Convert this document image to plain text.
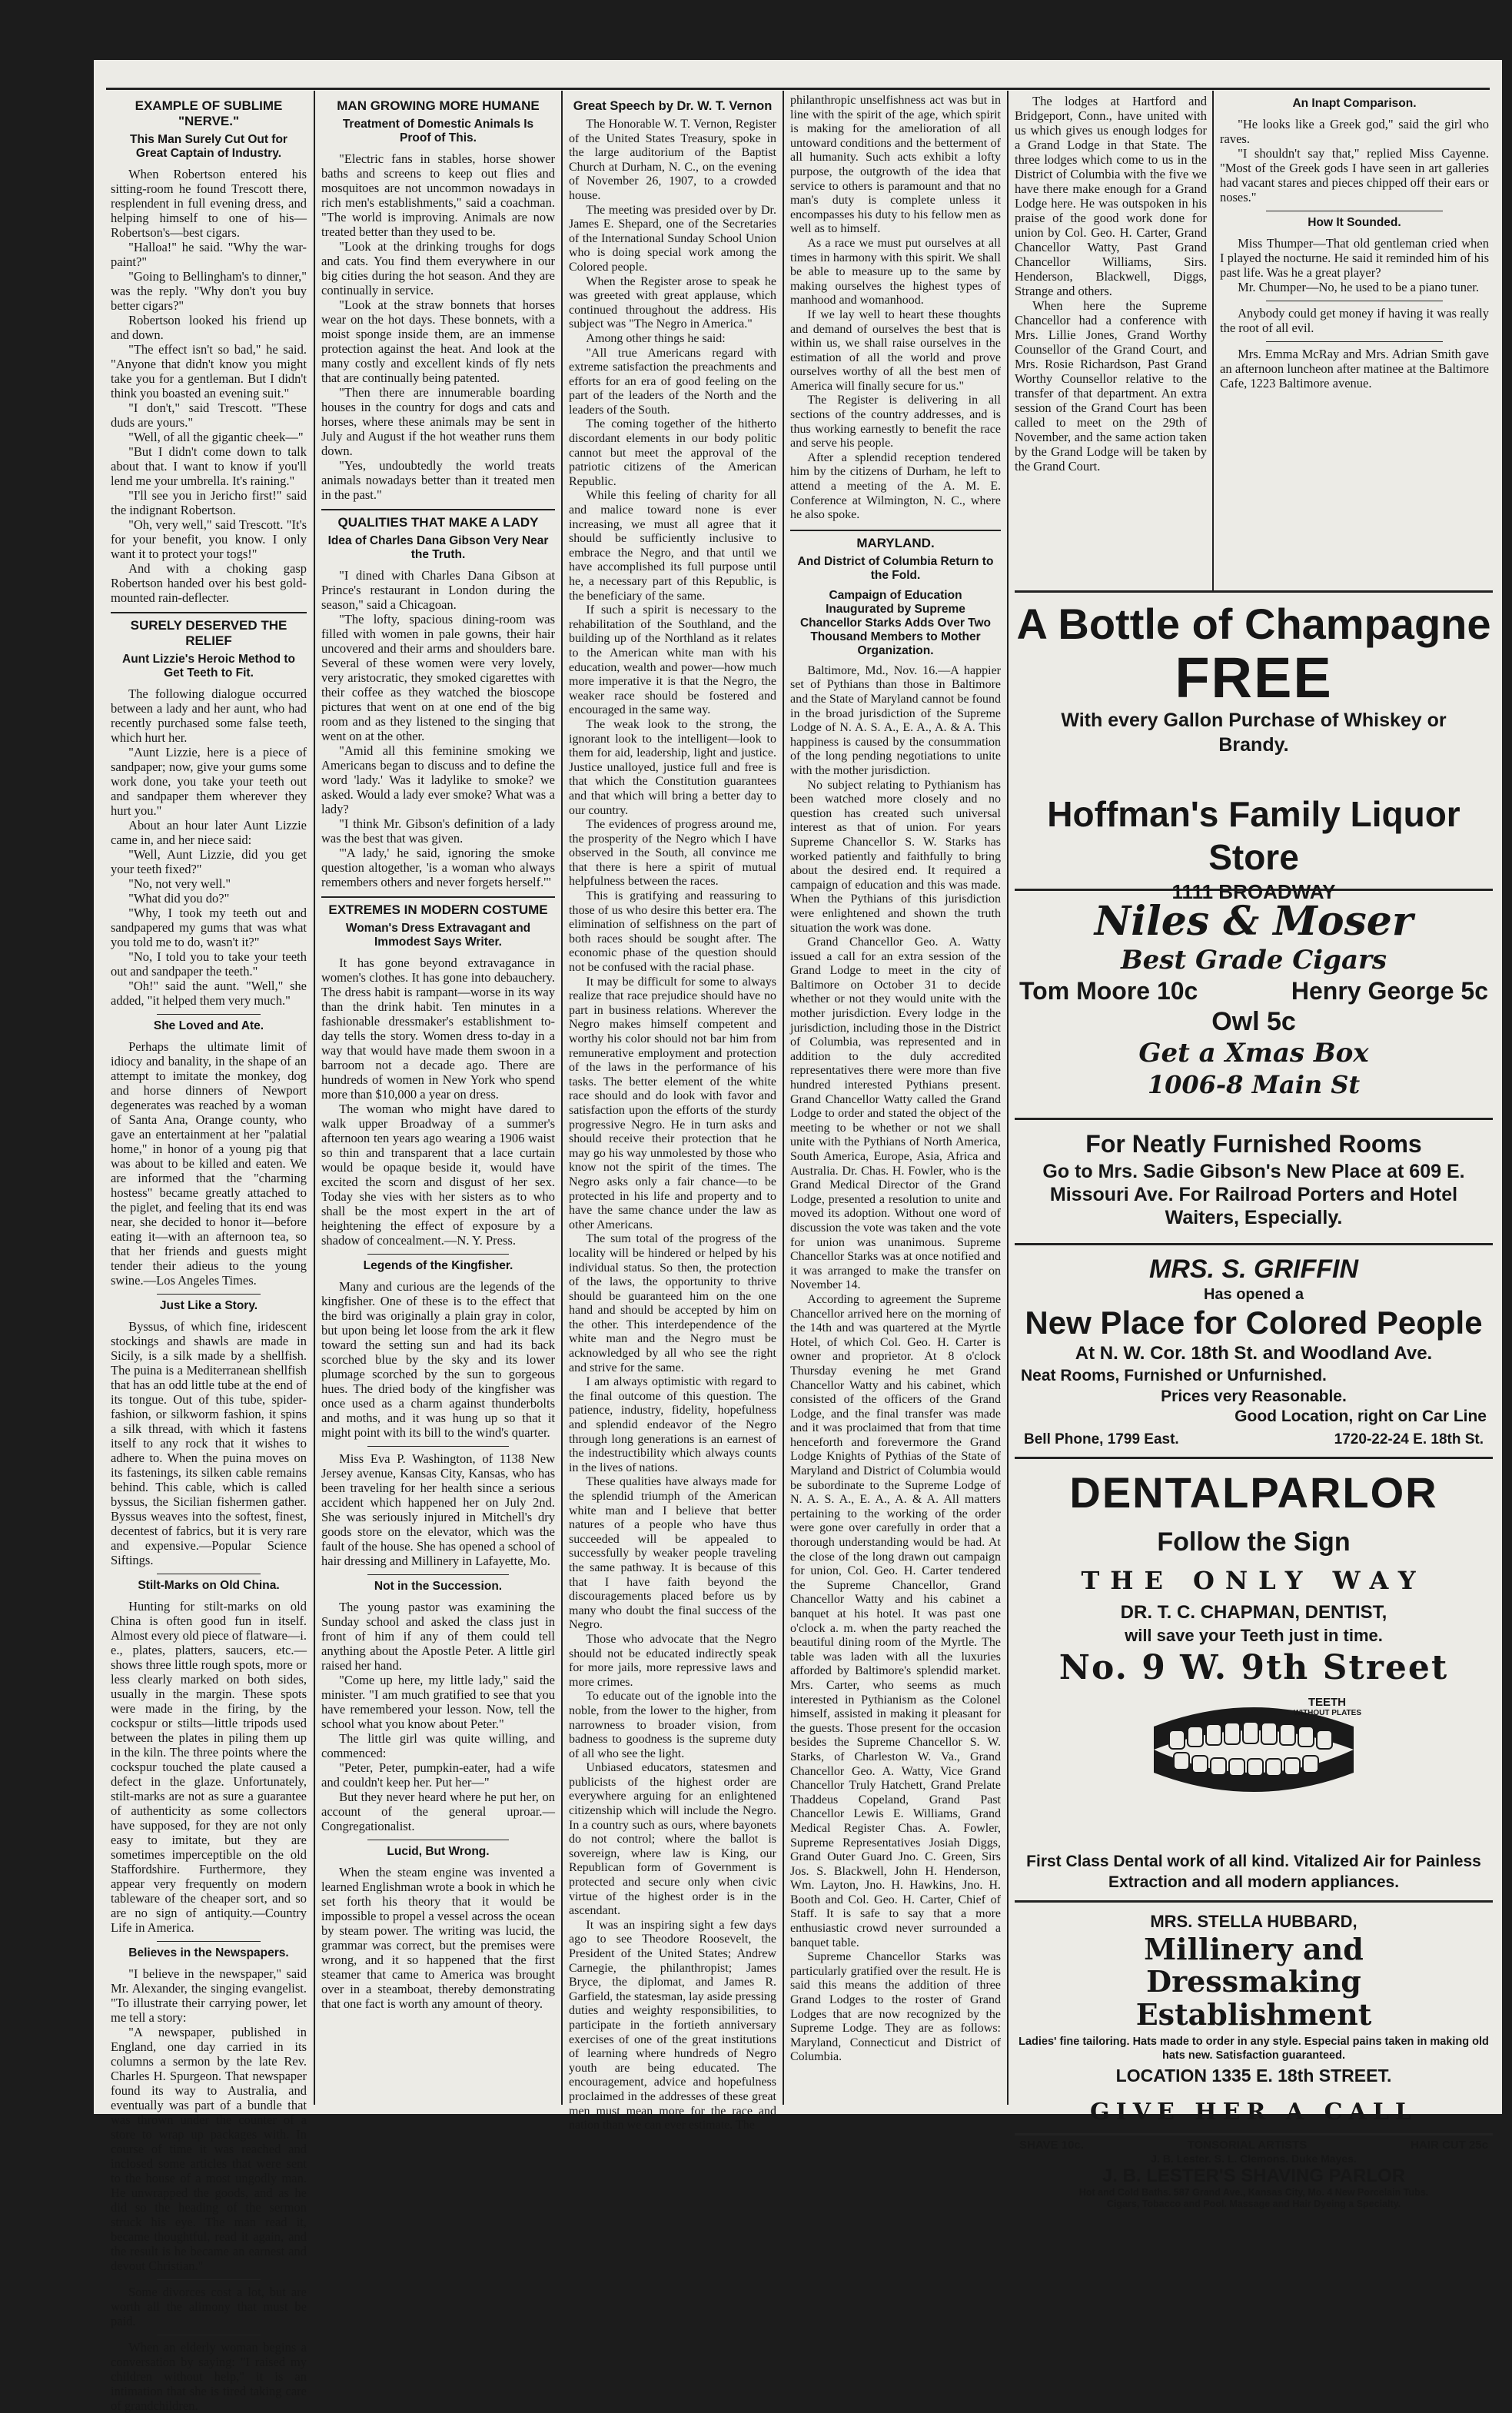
EXAMPLE OF SUBLIME "NERVE."
This Man Surely Cut Out for Great Captain of Industry.

When Robertson entered his sitting-room he found Trescott there, resplendent in full evening dress, and helping himself to one of his—Robertson's—best cigars.

"Halloa!" he said. "Why the war-paint?"

"Going to Bellingham's to dinner," was the reply. "Why don't you buy better cigars?"

Robertson looked his friend up and down.

"The effect isn't so bad," he said. "Anyone that didn't know you might take you for a gentleman. But I didn't think you boasted an evening suit."

"I don't," said Trescott. "These duds are yours."

"Well, of all the gigantic cheek—"

"But I didn't come down to talk about that. I want to know if you'll lend me your umbrella. It's raining."

"I'll see you in Jericho first!" said the indignant Robertson.

"Oh, very well," said Trescott. "It's for your benefit, you know. I only want it to protect your togs!"

And with a choking gasp Robertson handed over his best gold-mounted rain-deflecter.

SURELY DESERVED THE RELIEF
Aunt Lizzie's Heroic Method to Get Teeth to Fit.

The following dialogue occurred between a lady and her aunt, who had recently purchased some false teeth, which hurt her.

"Aunt Lizzie, here is a piece of sandpaper; now, give your gums some work done, you take your teeth out and sandpaper them wherever they hurt you."

About an hour later Aunt Lizzie came in, and her niece said:

"Well, Aunt Lizzie, did you get your teeth fixed?"

"No, not very well."

"What did you do?"

"Why, I took my teeth out and sandpapered my gums that was what you told me to do, wasn't it?"

"No, I told you to take your teeth out and sandpaper the teeth."

"Oh!" said the aunt. "Well," she added, "it helped them very much."

She Loved and Ate.

Perhaps the ultimate limit of idiocy and banality, in the shape of an attempt to imitate the monkey, dog and horse dinners of Newport degenerates was reached by a woman of Santa Ana, Orange county, who gave an entertainment at her "palatial home," in honor of a young pig that was about to be killed and eaten. We are informed that the "charming hostess" became greatly attached to the piglet, and feeling that its end was near, she decided to honor it—before eating it—with an afternoon tea, so that her friends and guests might tender their adieus to the young swine.—Los Angeles Times.

Just Like a Story.

Byssus, of which fine, iridescent stockings and shawls are made in Sicily, is a silk made by a shellfish. The puina is a Mediterranean shellfish that has an odd little tube at the end of its tongue. Out of this tube, spider-fashion, or silkworm fashion, it spins a silk thread, with which it fastens itself to any rock that it wishes to adhere to. When the puina moves on its fastenings, its silken cable remains behind. This cable, which is called byssus, the Sicilian fishermen gather. Byssus weaves into the softest, finest, decentest of fabrics, but it is very rare and expensive.—Popular Science Siftings.

Stilt-Marks on Old China.

Hunting for stilt-marks on old China is often good fun in itself. Almost every old piece of flatware—i. e., plates, platters, saucers, etc.—shows three little rough spots, more or less clearly marked on both sides, usually in the margin. These spots were made in the firing, by the cockspur or stilts—little tripods used between the plates in piling them up in the kiln. The three points where the cockspur touched the plate caused a defect in the glaze. Unfortunately, stilt-marks are not as sure a guarantee of authenticity as some collectors have supposed, for they are not only easy to imitate, but they are sometimes imperceptible on the old Staffordshire. Furthermore, they appear very frequently on modern tableware of the cheaper sort, and so are no sign of antiquity.—Country Life in America.

Believes in the Newspapers.

"I believe in the newspaper," said Mr. Alexander, the singing evangelist. "To illustrate their carrying power, let me tell a story:

"A newspaper, published in England, one day carried in its columns a sermon by the late Rev. Charles H. Spurgeon. That newspaper found its way to Australia, and eventually was part of a bundle that was thrown under the counter of a store to wrap up packages with. In course of time it was reached and inclosed some articles that were sent to the house of a most ungodly man. He unwrapped the goods, and as he did so the heading of the sermon struck his eye. The man read it, became thoughtful, read it again, and the result is he became an earnest and devout Christian."

Some divorces cost a lot, but are worth all the alimony that must be paid.

When an elderly woman begins a conversation by saying: "I raised my children without help," it is an intimation that she is tired taking care of grandchildren.

MAN GROWING MORE HUMANE
Treatment of Domestic Animals Is Proof of This.

"Electric fans in stables, horse shower baths and screens to keep out flies and mosquitoes are not uncommon nowadays in rich men's establishments," said a coachman. "The world is improving. Animals are now treated better than they used to be.

"Look at the drinking troughs for dogs and cats. You find them everywhere in our big cities during the hot season. And they are continually in service.

"Look at the straw bonnets that horses wear on the hot days. These bonnets, with a moist sponge inside them, are an immense protection against the heat. And look at the many costly and excellent kinds of fly nets that are continually being patented.

"Then there are innumerable boarding houses in the country for dogs and cats and horses, where these animals may be sent in July and August if the hot weather runs them down.

"Yes, undoubtedly the world treats animals nowadays better than it treated men in the past."

QUALITIES THAT MAKE A LADY
Idea of Charles Dana Gibson Very Near the Truth.

"I dined with Charles Dana Gibson at Prince's restaurant in London during the season," said a Chicagoan.

"The lofty, spacious dining-room was filled with women in pale gowns, their hair uncovered and their arms and shoulders bare. Several of these women were very lovely, very aristocratic, they smoked cigarettes with their coffee as they watched the bioscope pictures that went on at one end of the big room and as they listened to the singing that went on at the other.

"Amid all this feminine smoking we Americans began to discuss and to define the word 'lady.' Was it ladylike to smoke? we asked. Would a lady ever smoke? What was a lady?

"I think Mr. Gibson's definition of a lady was the best that was given.

"'A lady,' he said, ignoring the smoke question altogether, 'is a woman who always remembers others and never forgets herself.'"

EXTREMES IN MODERN COSTUME
Woman's Dress Extravagant and Immodest Says Writer.

It has gone beyond extravagance in women's clothes. It has gone into debauchery. The dress habit is rampant—worse in its way than the drink habit. Ten minutes in a fashionable dressmaker's establishment to-day tells the story. Women dress to-day in a way that would have made them swoon in a barroom not a decade ago. There are hundreds of women in New York who spend more than $10,000 a year on dress.

The woman who might have dared to walk upper Broadway of a summer's afternoon ten years ago wearing a 1906 waist so thin and transparent that a lace curtain would be opaque beside it, would have excited the scorn and disgust of her sex. Today she vies with her sisters as to who shall be the most expert in the art of heightening the effect of exposure by a shadow of concealment.—N. Y. Press.

Legends of the Kingfisher.

Many and curious are the legends of the kingfisher. One of these is to the effect that the bird was originally a plain gray in color, but upon being let loose from the ark it flew toward the setting sun and had its back scorched blue by the sky and its lower plumage scorched by the sun to gorgeous hues. The dried body of the kingfisher was once used as a charm against thunderbolts and moths, and it was hung up so that it might point with its bill to the wind's quarter.

Miss Eva P. Washington, of 1138 New Jersey avenue, Kansas City, Kansas, who has been traveling for her health since a serious accident which happened her on July 2nd. She was seriously injured in Mitchell's dry goods store on the elevator, which was the fault of the house. She has opened a school of hair dressing and Millinery in Lafayette, Mo.

Not in the Succession.

The young pastor was examining the Sunday school and asked the class just in front of him if any of them could tell anything about the Apostle Peter. A little girl raised her hand.

"Come up here, my little lady," said the minister. "I am much gratified to see that you have remembered your lesson. Now, tell the school what you know about Peter."

The little girl was quite willing, and commenced:

"Peter, Peter, pumpkin-eater, had a wife and couldn't keep her. Put her—"

But they never heard where he put her, on account of the general uproar.—Congregationalist.

Lucid, But Wrong.

When the steam engine was invented a learned Englishman wrote a book in which he set forth his theory that it would be impossible to propel a vessel across the ocean by steam power. The writing was lucid, the grammar was correct, but the premises were wrong, and it so happened that the first steamer that came to America was brought over in a steamboat, thereby demonstrating that one fact is worth any amount of theory.

Great Speech by Dr. W. T. Vernon

The Honorable W. T. Vernon, Register of the United States Treasury, spoke in the large auditorium of the Baptist Church at Durham, N. C., on the evening of November 26, 1907, to a crowded house.

The meeting was presided over by Dr. James E. Shepard, one of the Secretaries of the International Sunday School Union who is doing special work among the Colored people.

When the Register arose to speak he was greeted with great applause, which continued throughout the address. His subject was "The Negro in America."

Among other things he said:

"All true Americans regard with extreme satisfaction the preachments and efforts for an era of good feeling on the part of the leaders of the North and the leaders of the South.

The coming together of the hitherto discordant elements in our body politic cannot but meet the approval of the patriotic citizens of the American Republic.

While this feeling of charity for all and malice toward none is ever increasing, we must all agree that it should be sufficiently inclusive to embrace the Negro, and that until we have accomplished its full purpose until he, a necessary part of this Republic, is the beneficiary of the same.

If such a spirit is necessary to the rehabilitation of the Southland, and the building up of the Northland as it relates to the American white man with his education, wealth and power—how much more imperative it is that the Negro, the weaker race should be fostered and encouraged in the same way.

The weak look to the strong, the ignorant look to the intelligent—look to them for aid, leadership, light and justice. Justice unalloyed, justice full and free is that which the Constitution guarantees and that which will bring a better day to our country.

The evidences of progress around me, the prosperity of the Negro which I have observed in the South, all convince me that there is here a spirit of mutual helpfulness between the races.

This is gratifying and reassuring to those of us who desire this better era. The elimination of selfishness on the part of both races should be sought after. The economic phase of the question should not be confused with the racial phase.

It may be difficult for some to always realize that race prejudice should have no part in business relations. Wherever the Negro makes himself competent and worthy his color should not bar him from remunerative employment and protection of the laws in the performance of his tasks. The better element of the white race should and do look with favor and satisfaction upon the efforts of the sturdy progressive Negro. He in turn asks and should receive their protection that he may go his way unmolested by those who know not the spirit of the times. The Negro asks only a fair chance—to be protected in his life and property and to have the same chance under the law as other Americans.

The sum total of the progress of the locality will be hindered or helped by his individual status. So then, the protection of the laws, the opportunity to thrive should be guaranteed him on the one hand and should be accepted by him on the other. This interdependence of the white man and the Negro must be acknowledged by all who see the right and strive for the same.

I am always optimistic with regard to the final outcome of this question. The patience, industry, fidelity, hopefulness and splendid endeavor of the Negro through long generations is an earnest of the indestructibility which always counts in the lives of nations.

These qualities have always made for the splendid triumph of the American white man and I believe that better natures of a people who have thus succeeded will be appealed to successfully by weaker people traveling the same pathway. It is because of this that I have faith beyond the discouragements placed before us by many who doubt the final success of the Negro.

Those who advocate that the Negro should not be educated indirectly speak for more jails, more repressive laws and more crimes.

To educate out of the ignoble into the noble, from the lower to the higher, from narrowness to broader vision, from badness to goodness is the supreme duty of all who see the light.

Unbiased educators, statesmen and publicists of the highest order are everywhere arguing for an enlightened citizenship which will include the Negro. In a country such as ours, where bayonets do not control; where the ballot is sovereign, where law is King, our Republican form of Government is protected and secure only when civic virtue of the highest order is in the ascendant.

It was an inspiring sight a few days ago to see Theodore Roosevelt, the President of the United States; Andrew Carnegie, the philanthropist; James Bryce, the diplomat, and James R. Garfield, the statesman, lay aside pressing duties and weighty responsibilities, to participate in the fortieth anniversary exercises of one of the great institutions of learning where hundreds of Negro youth are being educated. The encouragement, advice and hopefulness proclaimed in the addresses of these great men must mean more for the race and nation than we can ever estimate. The

philanthropic unselfishness act was but in line with the spirit of the age, which spirit is making for the amelioration of all untoward conditions and the betterment of all humanity. Such acts exhibit a lofty purpose, the outgrowth of the idea that service to others is paramount and that no man's duty is complete unless it encompasses his duty to his fellow men as well as to himself.

As a race we must put ourselves at all times in harmony with this spirit. We shall be able to measure up to the same by making ourselves the highest types of manhood and womanhood.

If we lay well to heart these thoughts and demand of ourselves the best that is within us, we shall raise ourselves in the estimation of all the world and prove ourselves worthy of all the best men of America will finally secure for us."

The Register is delivering in all sections of the country addresses, and is thus working earnestly to benefit the race and serve his people.

After a splendid reception tendered him by the citizens of Durham, he left to attend a meeting of the A. M. E. Conference at Wilmington, N. C., where he also spoke.

MARYLAND.
And District of Columbia Return to the Fold.
Campaign of Education Inaugurated by Supreme Chancellor Starks Adds Over Two Thousand Members to Mother Organization.

Baltimore, Md., Nov. 16.—A happier set of Pythians than those in Baltimore and the State of Maryland cannot be found in the broad jurisdiction of the Supreme Lodge of N. A. S. A., E. A., A. & A. This happiness is caused by the consummation of the long pending negotiations to unite with the mother jurisdiction.

No subject relating to Pythianism has been watched more closely and no question has created such universal interest as that of union. For years Supreme Chancellor S. W. Starks has worked patiently and faithfully to bring about the desired end. It required a campaign of education and this was made. When the Pythians of this jurisdiction were enlightened and shown the truth situation the work was done.

Grand Chancellor Geo. A. Watty issued a call for an extra session of the Grand Lodge to meet in the city of Baltimore on October 31 to decide whether or not they would unite with the mother jurisdiction. Every lodge in the jurisdiction, including those in the District of Columbia, was represented and in addition to the duly accredited representatives there were more than five hundred interested Pythians present. Grand Chancellor Watty called the Grand Lodge to order and stated the object of the meeting to be whether or not we shall unite with the Pythians of North America, South America, Europe, Asia, Africa and Australia. Dr. Chas. H. Fowler, who is the Grand Medical Director of the Grand Lodge, presented a resolution to unite and moved its adoption. Without one word of discussion the vote was taken and the vote for union was unanimous. Supreme Chancellor Starks was at once notified and it was arranged to make the transfer on November 14.

According to agreement the Supreme Chancellor arrived here on the morning of the 14th and was quartered at the Myrtle Hotel, of which Col. Geo. H. Carter is owner and proprietor. At 8 o'clock Thursday evening he met Grand Chancellor Watty and his cabinet, which consisted of the officers of the Grand Lodge, and the final transfer was made and it was proclaimed that from that time henceforth and forevermore the Grand Lodge Knights of Pythias of the State of Maryland and District of Columbia would be subordinate to the Supreme Lodge of N. A. S. A., E. A., A. & A. All matters pertaining to the working of the order were gone over carefully in order that a thorough understanding would be had. At the close of the long drawn out campaign for union, Col. Geo. H. Carter tendered the Supreme Chancellor, Grand Chancellor Watty and his cabinet a banquet at his hotel. It was past one o'clock a. m. when the party reached the beautiful dining room of the Myrtle. The table was laden with all the luxuries afforded by Baltimore's splendid market. Mrs. Carter, who seems as much interested in Pythianism as the Colonel himself, assisted in making it pleasant for the guests. Those present for the occasion besides the Supreme Chancellor S. W. Starks, of Charleston W. Va., Grand Chancellor Geo. A. Watty, Vice Grand Chancellor Truly Hatchett, Grand Prelate Thaddeus Copeland, Grand Past Chancellor Lewis E. Williams, Grand Medical Register Chas. A. Fowler, Supreme Representatives Josiah Diggs, Grand Outer Guard Jno. C. Green, Sirs Jos. S. Blackwell, John H. Henderson, Wm. Layton, Jno. H. Hawkins, Jno. H. Booth and Col. Geo. H. Carter, Chief of Staff. It is safe to say that a more enthusiastic crowd never surrounded a banquet table.

Supreme Chancellor Starks was particularly gratified over the result. He is said this means the addition of three Grand Lodges to the roster of Grand Lodges that are now recognized by the Supreme Lodge. They are as follows: Maryland, Connecticut and District of Columbia.

The lodges at Hartford and Bridgeport, Conn., have united with us which gives us enough lodges for a Grand Lodge in that State. The three lodges which come to us in the District of Columbia with the five we have there make enough for a Grand Lodge here. He was outspoken in his praise of the good work done for union by Col. Geo. H. Carter, Grand Chancellor Watty, Past Grand Chancellor Williams, Sirs. Henderson, Blackwell, Diggs, Strange and others.

When here the Supreme Chancellor had a conference with Mrs. Lillie Jones, Grand Worthy Counsellor of the Grand Court, and Mrs. Rosie Richardson, Past Grand Worthy Counsellor relative to the transfer of that department. An extra session of the Grand Court has been called to meet on the 29th of November, and the same action taken by the Grand Lodge will be taken by the Grand Court.

An Inapt Comparison.

"He looks like a Greek god," said the girl who raves.

"I shouldn't say that," replied Miss Cayenne. "Most of the Greek gods I have seen in art galleries had vacant stares and pieces chipped off their ears or noses."

How It Sounded.

Miss Thumper—That old gentleman cried when I played the nocturne. He said it reminded him of his past life. Was he a great player?

Mr. Chumper—No, he used to be a piano tuner.

Anybody could get money if having it was really the root of all evil.

Mrs. Emma McRay and Mrs. Adrian Smith gave an afternoon luncheon after matinee at the Baltimore Cafe, 1223 Baltimore avenue.

A Bottle of Champagne
FREE
With every Gallon Purchase of Whiskey or Brandy.
Hoffman's Family Liquor Store
1111 BROADWAY
Niles & Moser
Best Grade Cigars
Tom Moore 10c	Henry George 5c
Owl 5c
Get a Xmas Box
1006-8 Main St
For Neatly Furnished Rooms
Go to Mrs. Sadie Gibson's New Place at 609 E. Missouri Ave. For Railroad Porters and Hotel Waiters, Especially.
MRS. S. GRIFFIN
Has opened a
New Place for Colored People
At N. W. Cor. 18th St. and Woodland Ave.
Neat Rooms, Furnished or Unfurnished.
Prices very Reasonable.
Good Location, right on Car Line
Bell Phone, 1799 East.	1720-22-24 E. 18th St.
DENTALPARLOR
Follow the Sign
THE ONLY WAY
DR. T. C. CHAPMAN, DENTIST,
will save your Teeth just in time.
No. 9 W. 9th Street
TEETH
WITHOUT PLATES
First Class Dental work of all kind. Vitalized Air for Painless Extraction and all modern appliances.
MRS. STELLA HUBBARD,
Millinery and
Dressmaking
Establishment
Ladies' fine tailoring. Hats made to order in any style. Especial pains taken in making old hats new. Satisfaction guaranteed.
LOCATION 1335 E. 18th STREET.
GIVE HER A CALL
SHAVE 10c.	TONSORIAL ARTISTS	HAIR CUT 25c
J. B. Lester. S. L. Clemons. Duke Mayes.
J. B. LESTER'S SHAVING PARLOR
Hot and Cold Baths. 587 Grand Ave., Kansas City, Mo. 4 New Porcelain Tubs.
Cigars, Tobacco and Pool. Massage and Hair Dyeing a Specialty.
